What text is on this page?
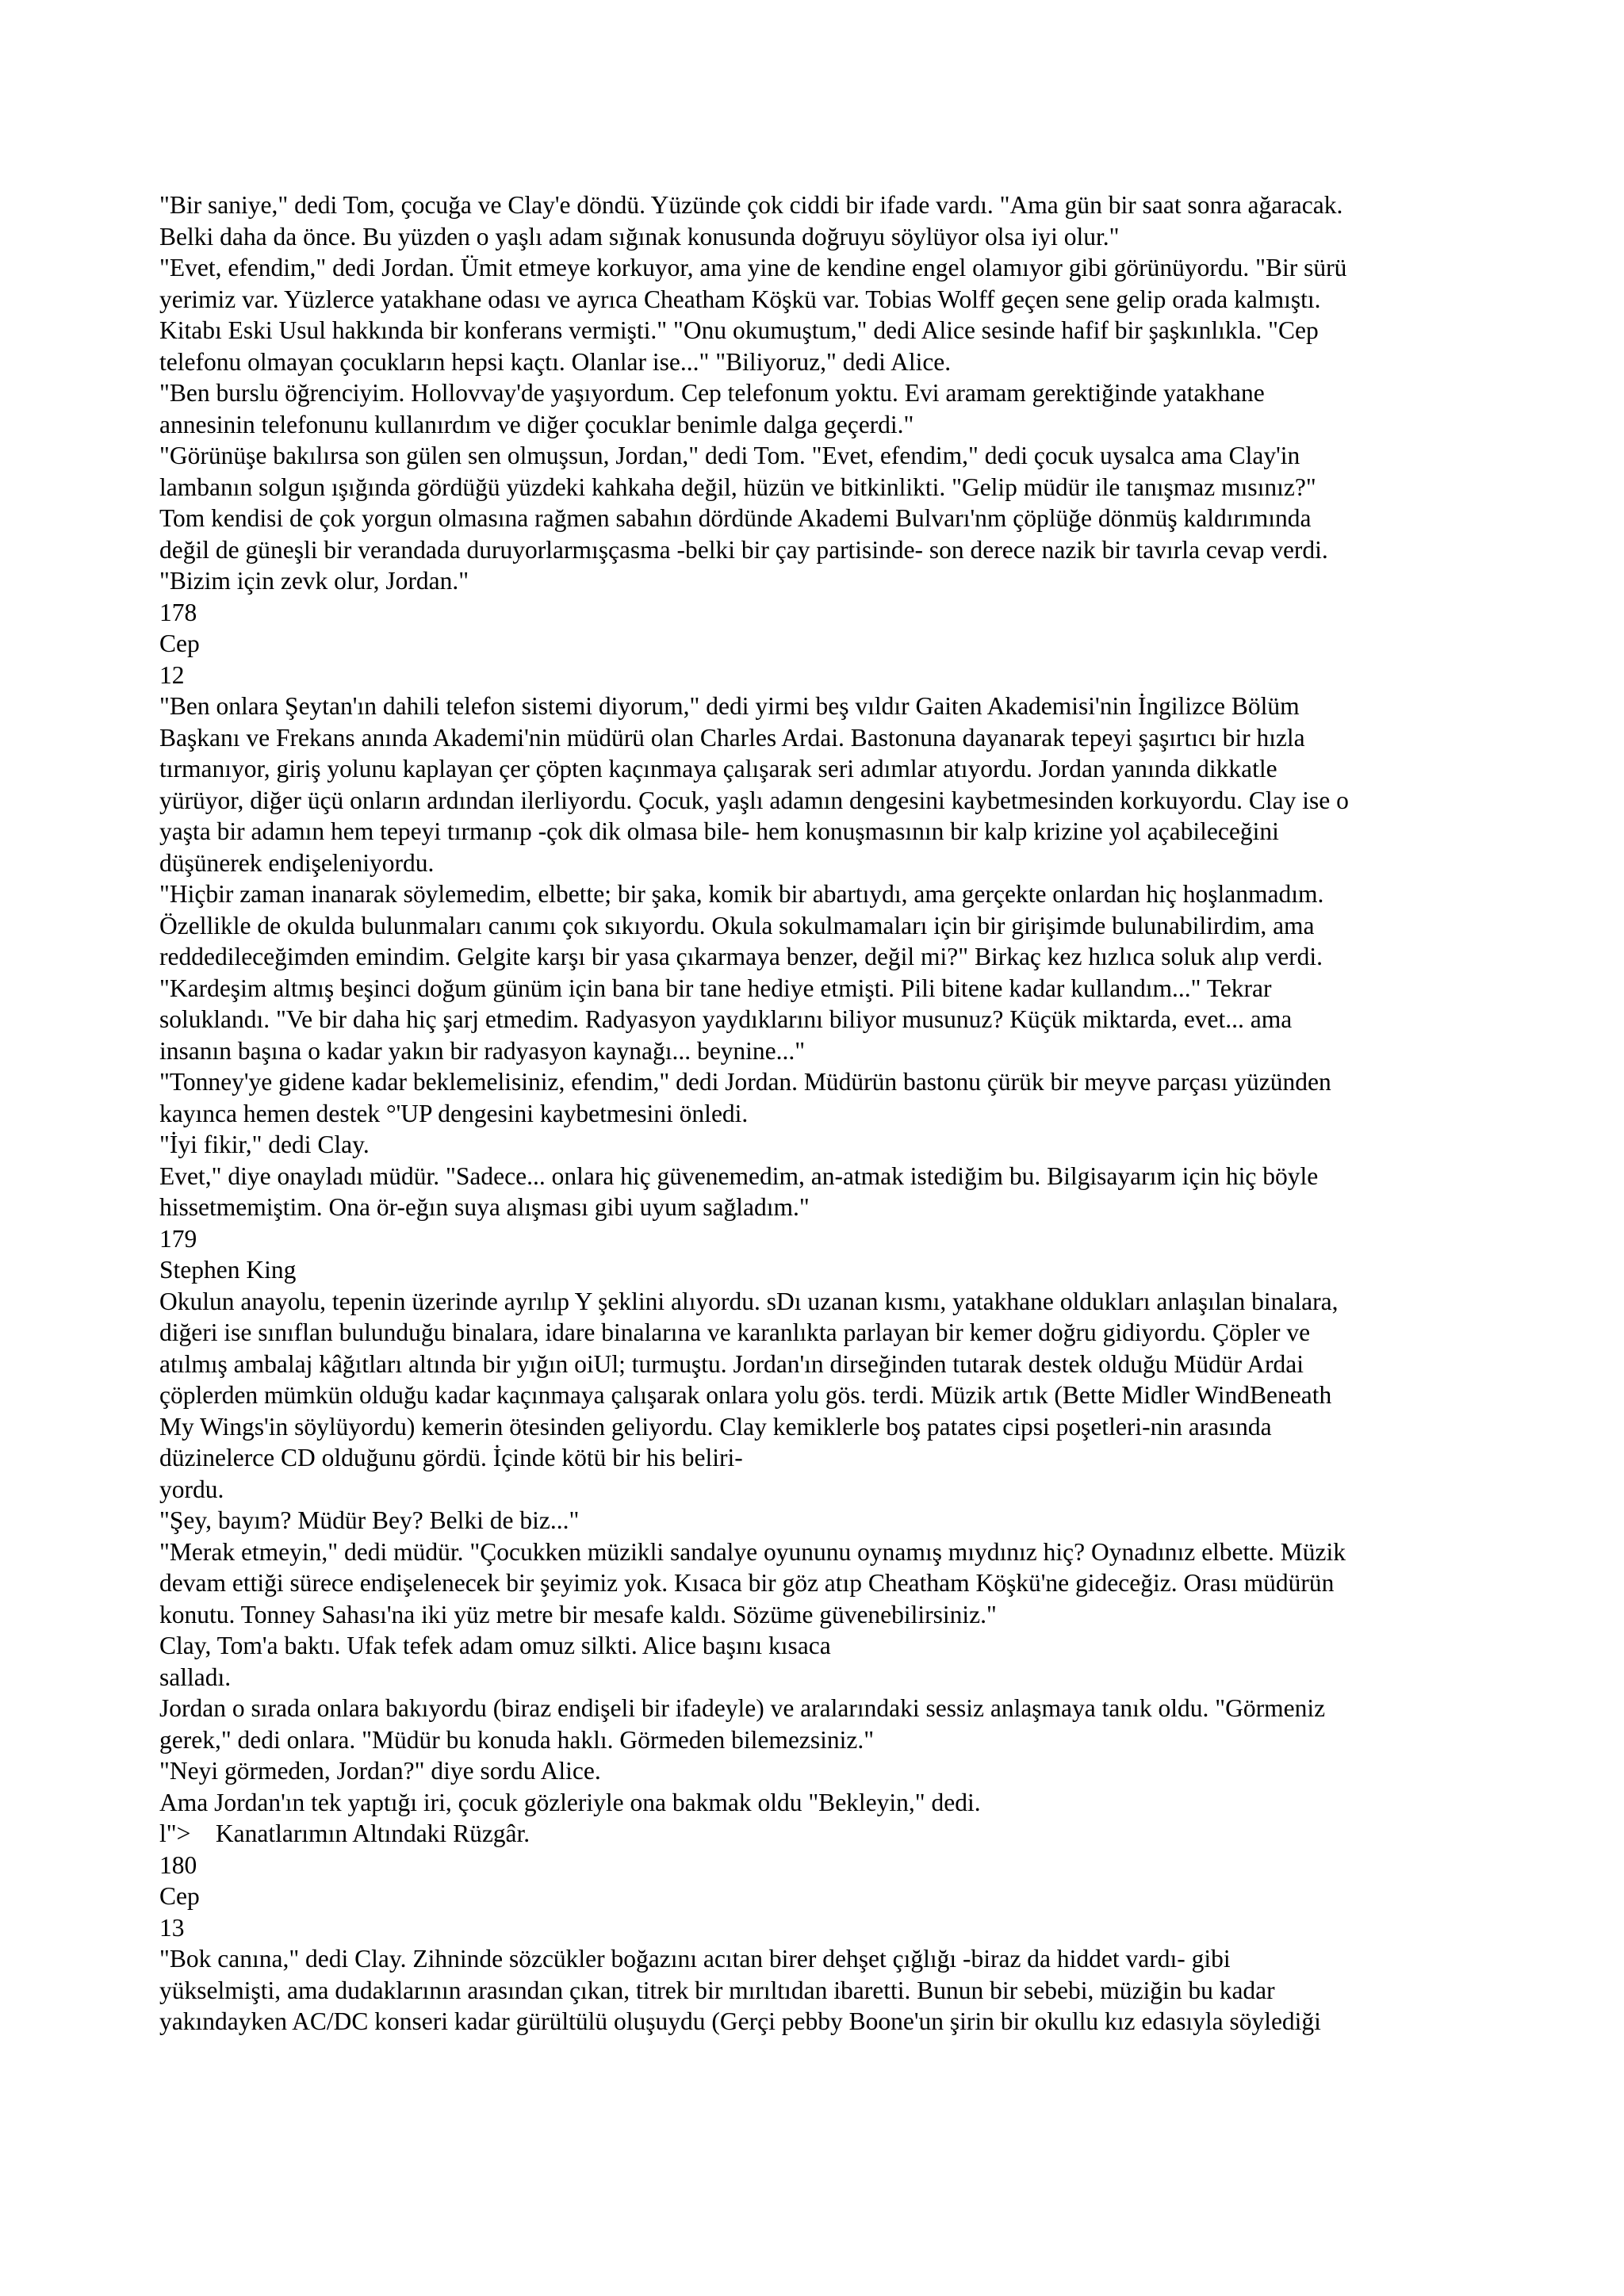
"Bir saniye," dedi Tom, çocuğa ve Clay'e döndü. Yüzünde çok ciddi bir ifade vardı. "Ama gün bir saat sonra ağaracak.
Belki daha da önce. Bu yüzden o yaşlı adam sığınak konusunda doğruyu söylüyor olsa iyi olur."
"Evet, efendim," dedi Jordan. Ümit etmeye korkuyor, ama yine de kendine engel olamıyor gibi görünüyordu. "Bir sürü
yerimiz var. Yüzlerce yatakhane odası ve ayrıca Cheatham Köşkü var. Tobias Wolff geçen sene gelip orada kalmıştı.
Kitabı Eski Usul hakkında bir konferans vermişti." "Onu okumuştum," dedi Alice sesinde hafif bir şaşkınlıkla. "Cep
telefonu olmayan çocukların hepsi kaçtı. Olanlar ise..." "Biliyoruz," dedi Alice.
"Ben burslu öğrenciyim. Hollovvay'de yaşıyordum. Cep telefonum yoktu. Evi aramam gerektiğinde yatakhane
annesinin telefonunu kullanırdım ve diğer çocuklar benimle dalga geçerdi."
"Görünüşe bakılırsa son gülen sen olmuşsun, Jordan," dedi Tom. "Evet, efendim," dedi çocuk uysalca ama Clay'in
lambanın solgun ışığında gördüğü yüzdeki kahkaha değil, hüzün ve bitkinlikti. "Gelip müdür ile tanışmaz mısınız?"
Tom kendisi de çok yorgun olmasına rağmen sabahın dördünde Akademi Bulvarı'nm çöplüğe dönmüş kaldırımında
değil de güneşli bir verandada duruyorlarmışçasma -belki bir çay partisinde- son derece nazik bir tavırla cevap verdi.
"Bizim için zevk olur, Jordan."
178
Cep
12
"Ben onlara Şeytan'ın dahili telefon sistemi diyorum," dedi yirmi beş vıldır Gaiten Akademisi'nin İngilizce Bölüm
Başkanı ve Frekans anında Akademi'nin müdürü olan Charles Ardai. Bastonuna dayanarak tepeyi şaşırtıcı bir hızla
tırmanıyor, giriş yolunu kaplayan çer çöpten kaçınmaya çalışarak seri adımlar atıyordu. Jordan yanında dikkatle
yürüyor, diğer üçü onların ardından ilerliyordu. Çocuk, yaşlı adamın dengesini kaybetmesinden korkuyordu. Clay ise o
yaşta bir adamın hem tepeyi tırmanıp -çok dik olmasa bile- hem konuşmasının bir kalp krizine yol açabileceğini
düşünerek endişeleniyordu.
"Hiçbir zaman inanarak söylemedim, elbette; bir şaka, komik bir abartıydı, ama gerçekte onlardan hiç hoşlanmadım.
Özellikle de okulda bulunmaları canımı çok sıkıyordu. Okula sokulmamaları için bir girişimde bulunabilirdim, ama
reddedileceğimden emindim. Gelgite karşı bir yasa çıkarmaya benzer, değil mi?" Birkaç kez hızlıca soluk alıp verdi.
"Kardeşim altmış beşinci doğum günüm için bana bir tane hediye etmişti. Pili bitene kadar kullandım..." Tekrar
soluklandı. "Ve bir daha hiç şarj etmedim. Radyasyon yaydıklarını biliyor musunuz? Küçük miktarda, evet... ama
insanın başına o kadar yakın bir radyasyon kaynağı... beynine..."
"Tonney'ye gidene kadar beklemelisiniz, efendim," dedi Jordan. Müdürün bastonu çürük bir meyve parçası yüzünden
kayınca hemen destek °'UP dengesini kaybetmesini önledi.
"İyi fikir," dedi Clay.
Evet," diye onayladı müdür. "Sadece... onlara hiç güvenemedim, an-atmak istediğim bu. Bilgisayarım için hiç böyle
hissetmemiştim. Ona ör-eğın suya alışması gibi uyum sağladım."
179
Stephen King
Okulun anayolu, tepenin üzerinde ayrılıp Y şeklini alıyordu. sDı uzanan kısmı, yatakhane oldukları anlaşılan binalara,
diğeri ise sınıflan bulunduğu binalara, idare binalarına ve karanlıkta parlayan bir kemer doğru gidiyordu. Çöpler ve
atılmış ambalaj kâğıtları altında bir yığın oiUl; turmuştu. Jordan'ın dirseğinden tutarak destek olduğu Müdür Ardai
çöplerden mümkün olduğu kadar kaçınmaya çalışarak onlara yolu gös. terdi. Müzik artık (Bette Midler WindBeneath
My Wings'in söylüyordu) kemerin ötesinden geliyordu. Clay kemiklerle boş patates cipsi poşetleri-nin arasında
düzinelerce CD olduğunu gördü. İçinde kötü bir his beliri-
yordu.
"Şey, bayım? Müdür Bey? Belki de biz..."
"Merak etmeyin," dedi müdür. "Çocukken müzikli sandalye oyununu oynamış mıydınız hiç? Oynadınız elbette. Müzik
devam ettiği sürece endişelenecek bir şeyimiz yok. Kısaca bir göz atıp Cheatham Köşkü'ne gideceğiz. Orası müdürün
konutu. Tonney Sahası'na iki yüz metre bir mesafe kaldı. Sözüme güvenebilirsiniz."
Clay, Tom'a baktı. Ufak tefek adam omuz silkti. Alice başını kısaca
salladı.
Jordan o sırada onlara bakıyordu (biraz endişeli bir ifadeyle) ve aralarındaki sessiz anlaşmaya tanık oldu. "Görmeniz
gerek," dedi onlara. "Müdür bu konuda haklı. Görmeden bilemezsiniz."
"Neyi görmeden, Jordan?" diye sordu Alice.
Ama Jordan'ın tek yaptığı iri, çocuk gözleriyle ona bakmak oldu "Bekleyin," dedi.
l">    Kanatlarımın Altındaki Rüzgâr.
180
Cep
13
"Bok canına," dedi Clay. Zihninde sözcükler boğazını acıtan birer dehşet çığlığı -biraz da hiddet vardı- gibi
yükselmişti, ama dudaklarının arasından çıkan, titrek bir mırıltıdan ibaretti. Bunun bir sebebi, müziğin bu kadar
yakındayken AC/DC konseri kadar gürültülü oluşuydu (Gerçi pebby Boone'un şirin bir okullu kız edasıyla söylediği
